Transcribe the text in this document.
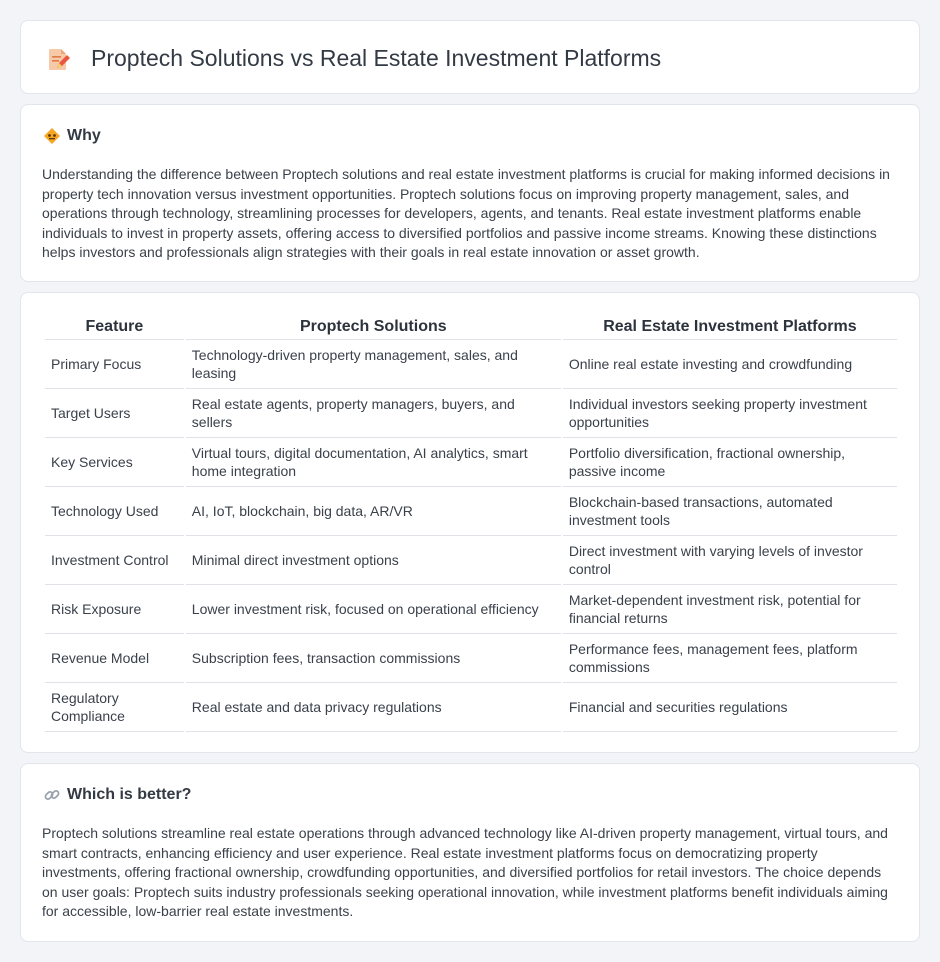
Proptech Solutions vs Real Estate Investment Platforms
Why

Understanding the difference between Proptech solutions and real estate investment platforms is crucial for making informed decisions in property tech innovation versus investment opportunities. Proptech solutions focus on improving property management, sales, and operations through technology, streamlining processes for developers, agents, and tenants. Real estate investment platforms enable individuals to invest in property assets, offering access to diversified portfolios and passive income streams. Knowing these distinctions helps investors and professionals align strategies with their goals in real estate innovation or asset growth.

Feature	Proptech Solutions	Real Estate Investment Platforms
Primary Focus	Technology-driven property management, sales, and leasing	Online real estate investing and crowdfunding
Target Users	Real estate agents, property managers, buyers, and sellers	Individual investors seeking property investment opportunities
Key Services	Virtual tours, digital documentation, AI analytics, smart home integration	Portfolio diversification, fractional ownership, passive income
Technology Used	AI, IoT, blockchain, big data, AR/VR	Blockchain-based transactions, automated investment tools
Investment Control	Minimal direct investment options	Direct investment with varying levels of investor control
Risk Exposure	Lower investment risk, focused on operational efficiency	Market-dependent investment risk, potential for financial returns
Revenue Model	Subscription fees, transaction commissions	Performance fees, management fees, platform commissions
Regulatory Compliance	Real estate and data privacy regulations	Financial and securities regulations
Which is better?

Proptech solutions streamline real estate operations through advanced technology like AI-driven property management, virtual tours, and smart contracts, enhancing efficiency and user experience. Real estate investment platforms focus on democratizing property investments, offering fractional ownership, crowdfunding opportunities, and diversified portfolios for retail investors. The choice depends on user goals: Proptech suits industry professionals seeking operational innovation, while investment platforms benefit individuals aiming for accessible, low-barrier real estate investments.
